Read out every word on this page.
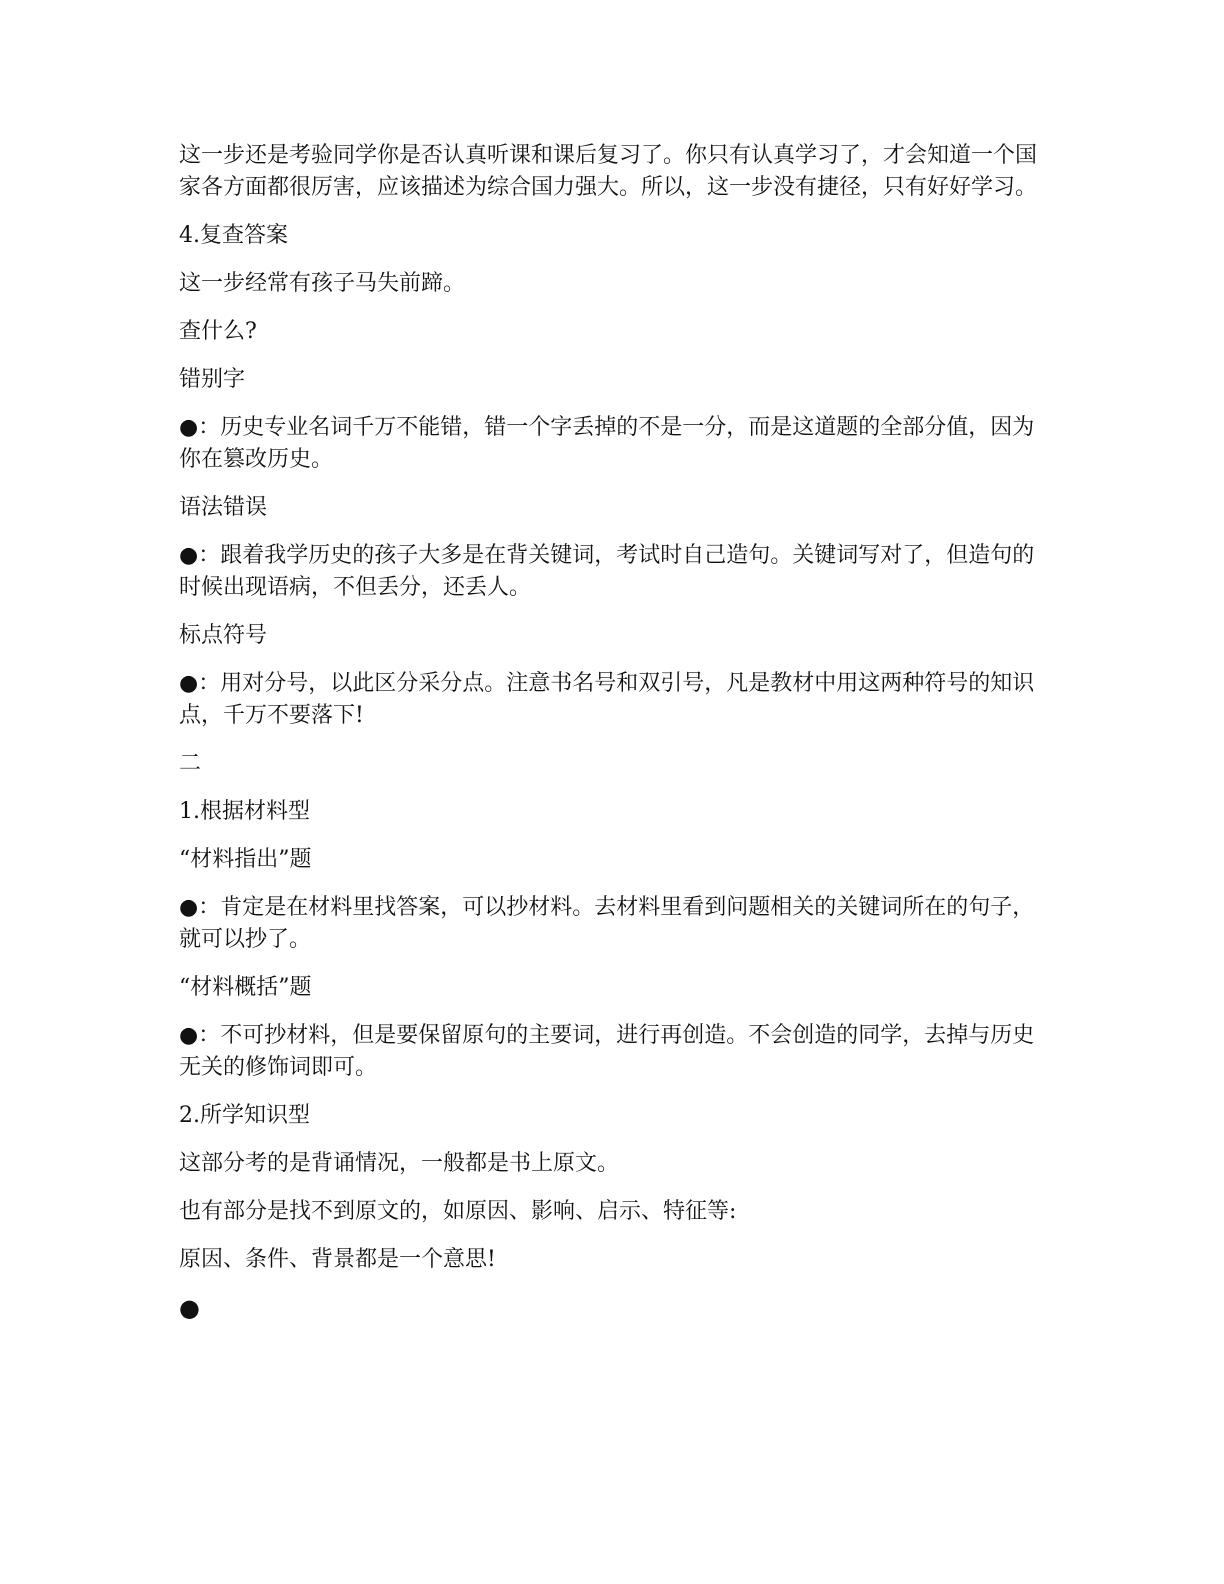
这一步还是考验同学你是否认真听课和课后复习了。你只有认真学习了，才会知道一个国家各方面都很厉害，应该描述为综合国力强大。所以，这一步没有捷径，只有好好学习。

4.复查答案

这一步经常有孩子马失前蹄。

查什么?

错别字

●：历史专业名词千万不能错，错一个字丢掉的不是一分，而是这道题的全部分值，因为你在篡改历史。

语法错误

●：跟着我学历史的孩子大多是在背关键词，考试时自己造句。关键词写对了，但造句的时候出现语病，不但丢分，还丢人。

标点符号

●：用对分号，以此区分采分点。注意书名号和双引号，凡是教材中用这两种符号的知识点，千万不要落下!

二

1.根据材料型

“材料指出”题

●：肯定是在材料里找答案，可以抄材料。去材料里看到问题相关的关键词所在的句子，就可以抄了。

“材料概括”题

●：不可抄材料，但是要保留原句的主要词，进行再创造。不会创造的同学，去掉与历史无关的修饰词即可。

2.所学知识型

这部分考的是背诵情况，一般都是书上原文。

也有部分是找不到原文的，如原因、影响、启示、特征等:

原因、条件、背景都是一个意思!

●
